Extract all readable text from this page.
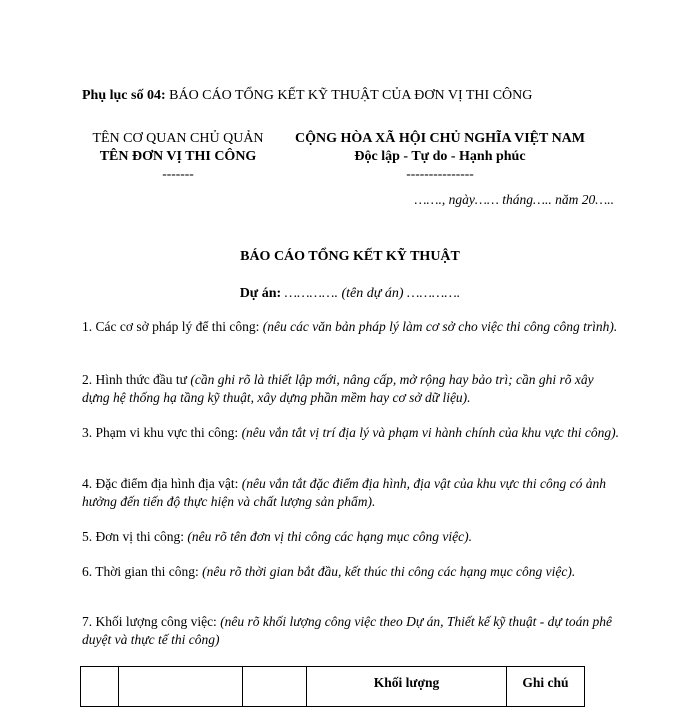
Phụ lục số 04: BÁO CÁO TỔNG KẾT KỸ THUẬT CỦA ĐƠN VỊ THI CÔNG
TÊN CƠ QUAN CHỦ QUẢN
TÊN ĐƠN VỊ THI CÔNG
-------
CỘNG HÒA XÃ HỘI CHỦ NGHĨA VIỆT NAM
Độc lập - Tự do - Hạnh phúc
---------------
……., ngày…… tháng….. năm 20…..
BÁO CÁO TỔNG KẾT KỸ THUẬT
Dự án: …………. (tên dự án) ………….
1. Các cơ sở pháp lý để thi công: (nêu các văn bản pháp lý làm cơ sở cho việc thi công công trình).
2. Hình thức đầu tư (cần ghi rõ là thiết lập mới, nâng cấp, mở rộng hay bảo trì; cần ghi rõ xây dựng hệ thống hạ tầng kỹ thuật, xây dựng phần mềm hay cơ sở dữ liệu).
3. Phạm vi khu vực thi công: (nêu vắn tắt vị trí địa lý và phạm vi hành chính của khu vực thi công).
4. Đặc điểm địa hình địa vật: (nêu vắn tắt đặc điểm địa hình, địa vật của khu vực thi công có ảnh hưởng đến tiến độ thực hiện và chất lượng sản phẩm).
5. Đơn vị thi công: (nêu rõ tên đơn vị thi công các hạng mục công việc).
6. Thời gian thi công: (nêu rõ thời gian bắt đầu, kết thúc thi công các hạng mục công việc).
7. Khối lượng công việc: (nêu rõ khối lượng công việc theo Dự án, Thiết kế kỹ thuật - dự toán phê duyệt và thực tế thi công)
			Khối lượng	Ghi chú
